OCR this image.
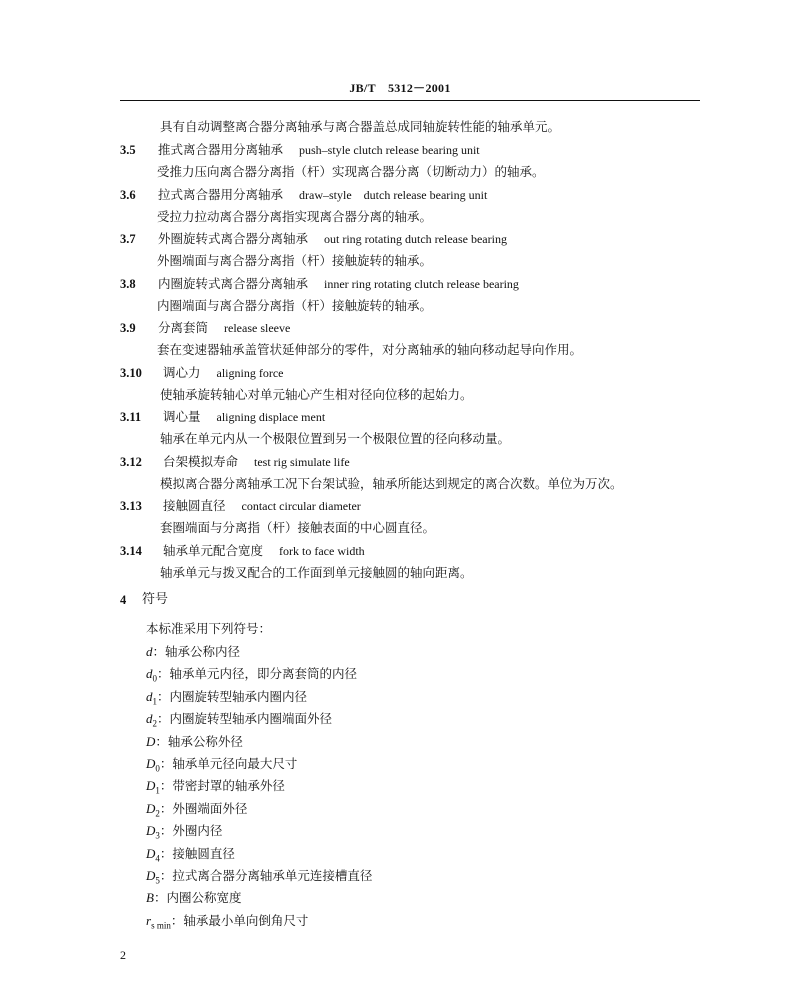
JB/T　5312－2001
具有自动调整离合器分离轴承与离合器盖总成同轴旋转性能的轴承单元。
3.5 推式离合器用分离轴承 push–style clutch release bearing unit
受推力压向离合器分离指（杆）实现离合器分离（切断动力）的轴承。
3.6 拉式离合器用分离轴承 draw–style　dutch release bearing unit
受拉力拉动离合器分离指实现离合器分离的轴承。
3.7 外圈旋转式离合器分离轴承 out ring rotating dutch release bearing
外圈端面与离合器分离指（杆）接触旋转的轴承。
3.8 内圈旋转式离合器分离轴承 inner ring rotating clutch release bearing
内圈端面与离合器分离指（杆）接触旋转的轴承。
3.9 分离套筒 release sleeve
套在变速器轴承盖管状延伸部分的零件，对分离轴承的轴向移动起导向作用。
3.10 调心力 aligning force
使轴承旋转轴心对单元轴心产生相对径向位移的起始力。
3.11 调心量 aligning displace ment
轴承在单元内从一个极限位置到另一个极限位置的径向移动量。
3.12 台架模拟寿命 test rig simulate life
模拟离合器分离轴承工况下台架试验，轴承所能达到规定的离合次数。单位为万次。
3.13 接触圆直径 contact circular diameter
套圈端面与分离指（杆）接触表面的中心圆直径。
3.14 轴承单元配合宽度 fork to face width
轴承单元与拨叉配合的工作面到单元接触圆的轴向距离。
4 符号
本标准采用下列符号：
d：轴承公称内径
$d_0$：轴承单元内径，即分离套筒的内径
$d_1$：内圈旋转型轴承内圈内径
$d_2$：内圈旋转型轴承内圈端面外径
D：轴承公称外径
$D_0$：轴承单元径向最大尺寸
$D_1$：带密封罩的轴承外径
$D_2$：外圈端面外径
$D_3$：外圈内径
$D_4$：接触圆直径
$D_5$：拉式离合器分离轴承单元连接槽直径
B：内圈公称宽度
$r_{s min}$：轴承最小单向倒角尺寸
2
